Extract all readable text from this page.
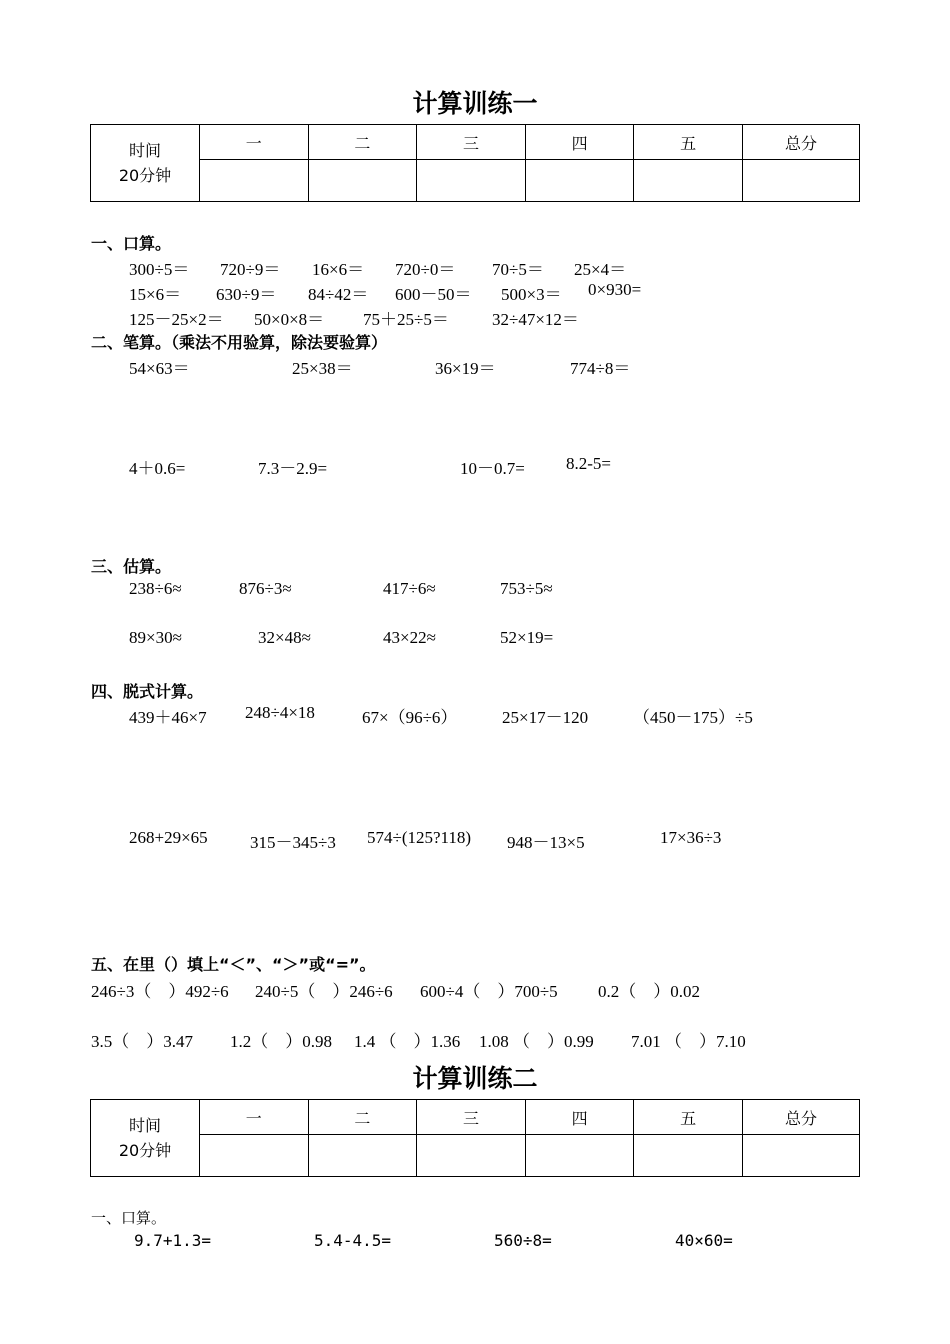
计算训练一
时间
20分钟	一	二	三	四	五	总分

一、口算。
300÷5＝ 720÷9＝ 16×6＝ 720÷0＝ 70÷5＝ 25×4＝
15×6＝ 630÷9＝ 84÷42＝ 600－50＝ 500×3＝ 0×930=
125－25×2＝ 50×0×8＝ 75＋25÷5＝	32÷47×12＝
二、笔算。（乘法不用验算，除法要验算）
54×63＝	25×38＝	36×19＝	774÷8＝
4＋0.6=	7.3－2.9=	10－0.7= 8.2-5=
三、估算。
238÷6≈	876÷3≈	417÷6≈	753÷5≈
89×30≈	32×48≈	43×22≈	52×19=
四、脱式计算。
439＋46×7 248÷4×18	67×（96÷6）	25×17－120	（450－175）÷5
268+29×65 315－345÷3 574÷(125?118) 948－13×5	17×36÷3
五、在里（）填上“＜”、“＞”或“=”。
246÷3（　）492÷6 240÷5（　）246÷6 600÷4（　）700÷5 0.2（　）0.02
3.5（　）3.47 1.2（　）0.98 1.4 （　）1.36 1.08 （　）0.99 7.01 （　）7.10
计算训练二
时间
20分钟	一	二	三	四	五	总分

一、口算。
9.7+1.3=	5.4-4.5=	560÷8=	40×60=
